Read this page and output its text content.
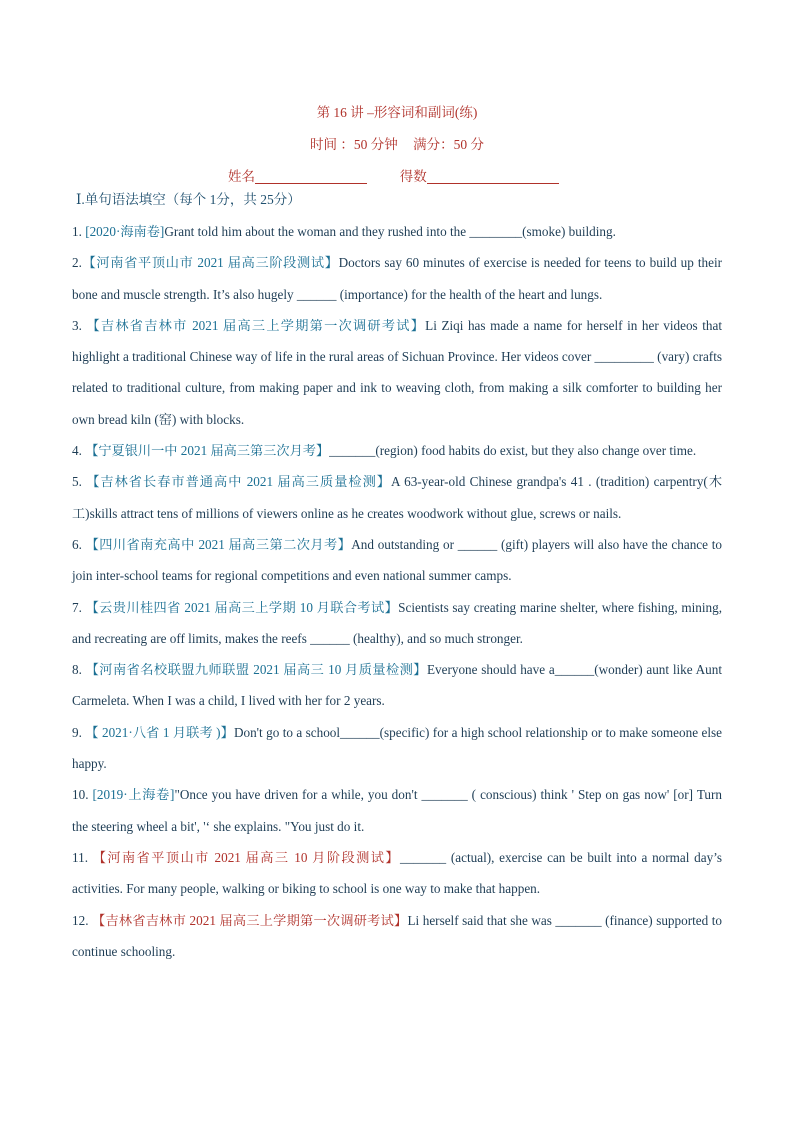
第 16 讲 –形容词和副词(练)
时间 ：50 分钟 满分：50 分
姓名	得数
Ⅰ.单句语法填空（每个 1分，共 25分）
1. [2020·海南卷]Grant told him about the woman and they rushed into the ________(smoke) building.
2.【河南省平顶山市 2021 届高三阶段测试】Doctors say 60 minutes of exercise is needed for teens to build up their bone and muscle strength. It’s also hugely ______ (importance) for the health of the heart and lungs.
3. 【吉林省吉林市 2021 届高三上学期第一次调研考试】Li Ziqi has made a name for herself in her videos that highlight a traditional Chinese way of life in the rural areas of Sichuan Province. Her videos cover _________ (vary) crafts related to traditional culture, from making paper and ink to weaving cloth, from making a silk comforter to building her own bread kiln (窑) with blocks.
4. 【宁夏银川一中 2021 届高三第三次月考】_______(region) food habits do exist, but they also change over time.
5. 【吉林省长春市普通高中 2021 届高三质量检测】A 63-year-old Chinese grandpa's 41 . (tradition) carpentry(木工)skills attract tens of millions of viewers online as he creates woodwork without glue, screws or nails.
6. 【四川省南充高中 2021 届高三第二次月考】And outstanding or ______ (gift) players will also have the chance to join inter-school teams for regional competitions and even national summer camps.
7. 【云贵川桂四省 2021 届高三上学期 10 月联合考试】Scientists say creating marine shelter, where fishing, mining, and recreating are off limits, makes the reefs ______ (healthy), and so much stronger.
8. 【河南省名校联盟九师联盟 2021 届高三 10 月质量检测】Everyone should have a______(wonder) aunt like Aunt Carmeleta. When I was a child, I lived with her for 2 years.
9. 【 2021·八省 1 月联考 )】Don't go to a school______(specific) for a high school relationship or to make someone else happy.
10. [2019·上海卷]"Once you have driven for a while, you don't _______ ( conscious) think ' Step on gas now' [or] Turn the steering wheel a bit', '‘ she explains. "You just do it.
11. 【河南省平顶山市 2021 届高三 10 月阶段测试】_______ (actual), exercise can be built into a normal day’s activities. For many people, walking or biking to school is one way to make that happen.
12. 【吉林省吉林市 2021 届高三上学期第一次调研考试】Li herself said that she was _______ (finance) supported to continue schooling.
